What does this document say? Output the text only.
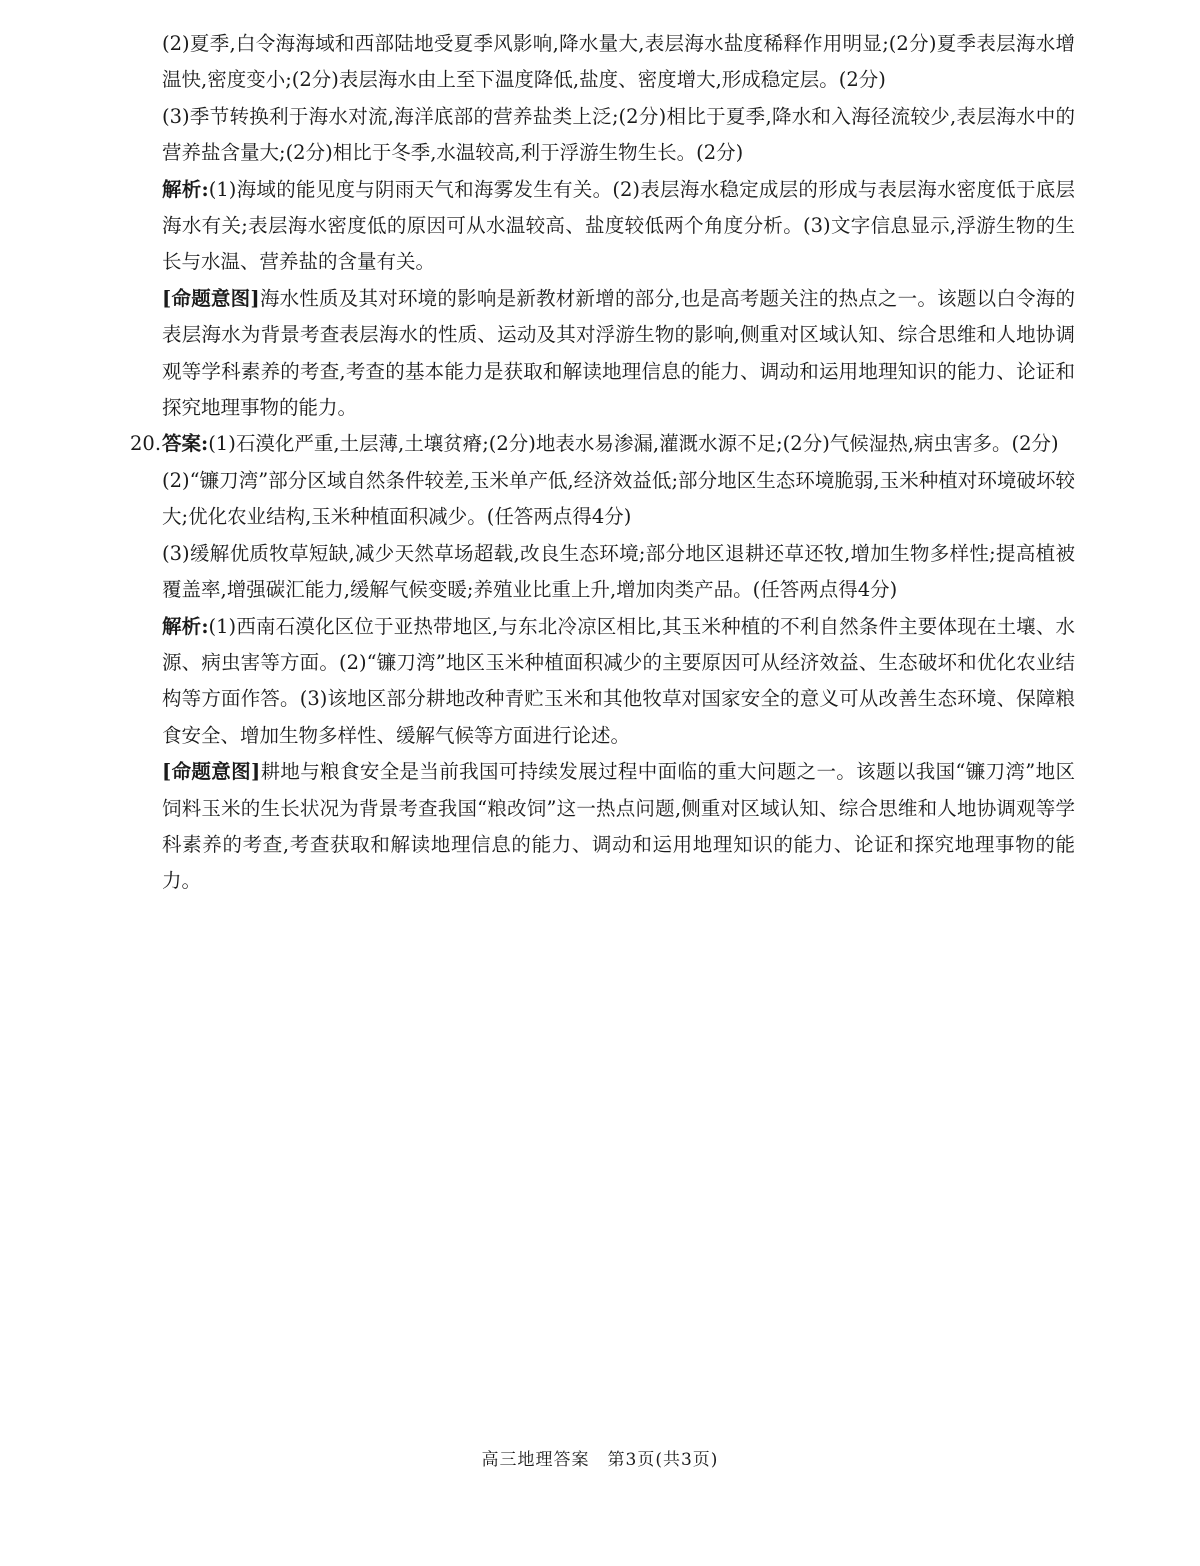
(2)夏季,白令海海域和西部陆地受夏季风影响,降水量大,表层海水盐度稀释作用明显;(2分)夏季表层海水增温快,密度变小;(2分)表层海水由上至下温度降低,盐度、密度增大,形成稳定层。(2分)

(3)季节转换利于海水对流,海洋底部的营养盐类上泛;(2分)相比于夏季,降水和入海径流较少,表层海水中的营养盐含量大;(2分)相比于冬季,水温较高,利于浮游生物生长。(2分)

解析:(1)海域的能见度与阴雨天气和海雾发生有关。(2)表层海水稳定成层的形成与表层海水密度低于底层海水有关;表层海水密度低的原因可从水温较高、盐度较低两个角度分析。(3)文字信息显示,浮游生物的生长与水温、营养盐的含量有关。

[命题意图]海水性质及其对环境的影响是新教材新增的部分,也是高考题关注的热点之一。该题以白令海的表层海水为背景考查表层海水的性质、运动及其对浮游生物的影响,侧重对区域认知、综合思维和人地协调观等学科素养的考查,考查的基本能力是获取和解读地理信息的能力、调动和运用地理知识的能力、论证和探究地理事物的能力。

20. 答案:(1)石漠化严重,土层薄,土壤贫瘠;(2分)地表水易渗漏,灌溉水源不足;(2分)气候湿热,病虫害多。(2分)

(2)“镰刀湾”部分区域自然条件较差,玉米单产低,经济效益低;部分地区生态环境脆弱,玉米种植对环境破坏较大;优化农业结构,玉米种植面积减少。(任答两点得4分)

(3)缓解优质牧草短缺,减少天然草场超载,改良生态环境;部分地区退耕还草还牧,增加生物多样性;提高植被覆盖率,增强碳汇能力,缓解气候变暖;养殖业比重上升,增加肉类产品。(任答两点得4分)

解析:(1)西南石漠化区位于亚热带地区,与东北冷凉区相比,其玉米种植的不利自然条件主要体现在土壤、水源、病虫害等方面。(2)“镰刀湾”地区玉米种植面积减少的主要原因可从经济效益、生态破坏和优化农业结构等方面作答。(3)该地区部分耕地改种青贮玉米和其他牧草对国家安全的意义可从改善生态环境、保障粮食安全、增加生物多样性、缓解气候等方面进行论述。

[命题意图]耕地与粮食安全是当前我国可持续发展过程中面临的重大问题之一。该题以我国“镰刀湾”地区饲料玉米的生长状况为背景考查我国“粮改饲”这一热点问题,侧重对区域认知、综合思维和人地协调观等学科素养的考查,考查获取和解读地理信息的能力、调动和运用地理知识的能力、论证和探究地理事物的能力。

高三地理答案　第3页(共3页)
